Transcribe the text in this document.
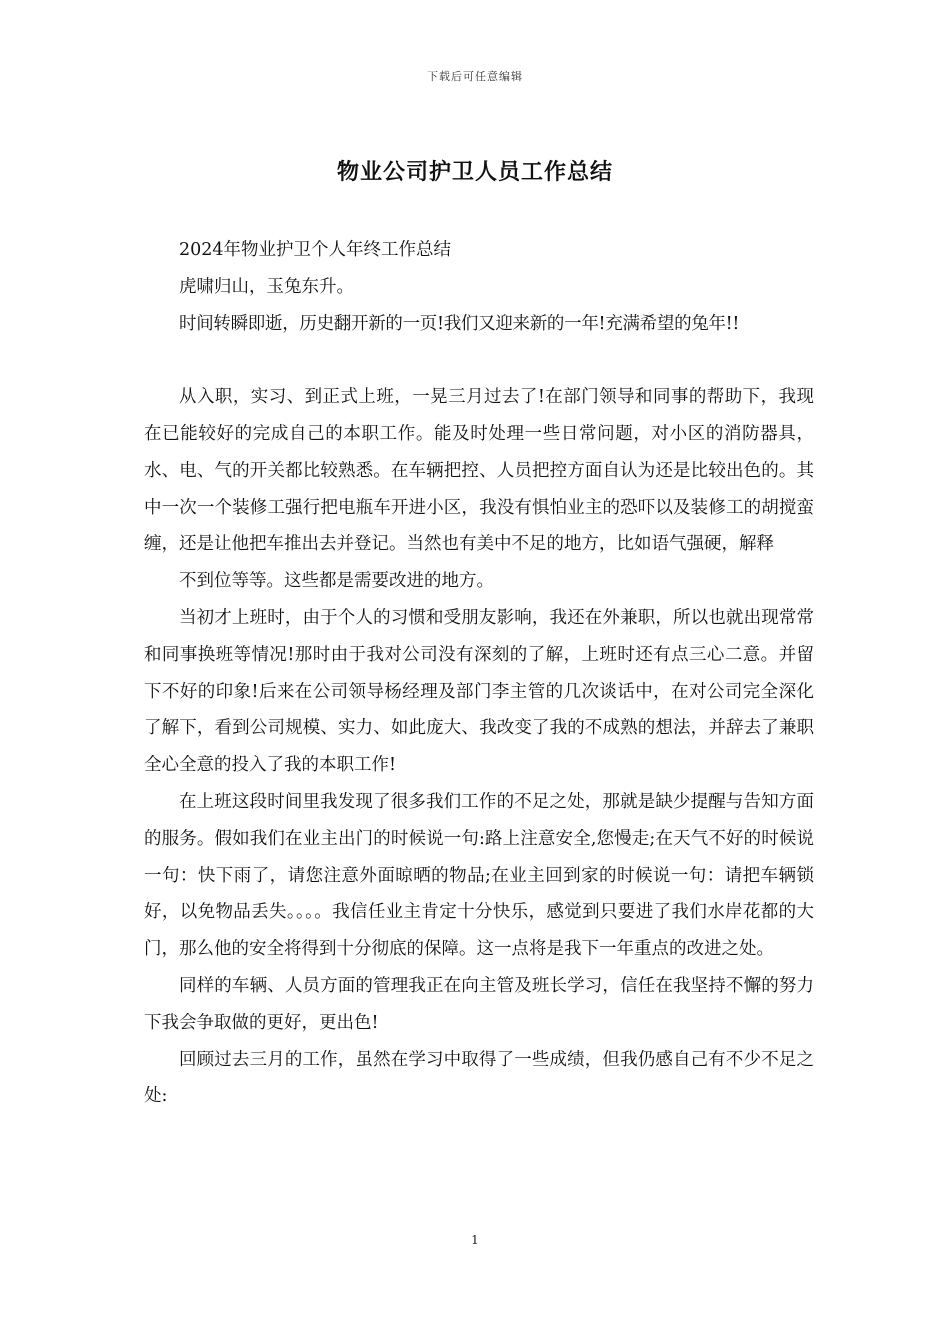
下载后可任意编辑
物业公司护卫人员工作总结

2024年物业护卫个人年终工作总结

虎啸归山，玉兔东升。

时间转瞬即逝，历史翻开新的一页!我们又迎来新的一年!充满希望的兔年!!

从入职，实习、到正式上班，一晃三月过去了!在部门领导和同事的帮助下，我现在已能较好的完成自己的本职工作。能及时处理一些日常问题，对小区的消防器具，水、电、气的开关都比较熟悉。在车辆把控、人员把控方面自认为还是比较出色的。其中一次一个装修工强行把电瓶车开进小区，我没有惧怕业主的恐吓以及装修工的胡搅蛮缠，还是让他把车推出去并登记。当然也有美中不足的地方，比如语气强硬，解释

不到位等等。这些都是需要改进的地方。

当初才上班时，由于个人的习惯和受朋友影响，我还在外兼职，所以也就出现常常和同事换班等情况!那时由于我对公司没有深刻的了解，上班时还有点三心二意。并留下不好的印象!后来在公司领导杨经理及部门李主管的几次谈话中，在对公司完全深化了解下，看到公司规模、实力、如此庞大、我改变了我的不成熟的想法，并辞去了兼职全心全意的投入了我的本职工作!

在上班这段时间里我发现了很多我们工作的不足之处，那就是缺少提醒与告知方面的服务。假如我们在业主出门的时候说一句:路上注意安全,您慢走;在天气不好的时候说一句：快下雨了，请您注意外面晾晒的物品;在业主回到家的时候说一句：请把车辆锁好，以免物品丢失。。。。我信任业主肯定十分快乐，感觉到只要进了我们水岸花都的大门，那么他的安全将得到十分彻底的保障。这一点将是我下一年重点的改进之处。

同样的车辆、人员方面的管理我正在向主管及班长学习，信任在我坚持不懈的努力下我会争取做的更好，更出色!

回顾过去三月的工作，虽然在学习中取得了一些成绩，但我仍感自己有不少不足之处:

1
